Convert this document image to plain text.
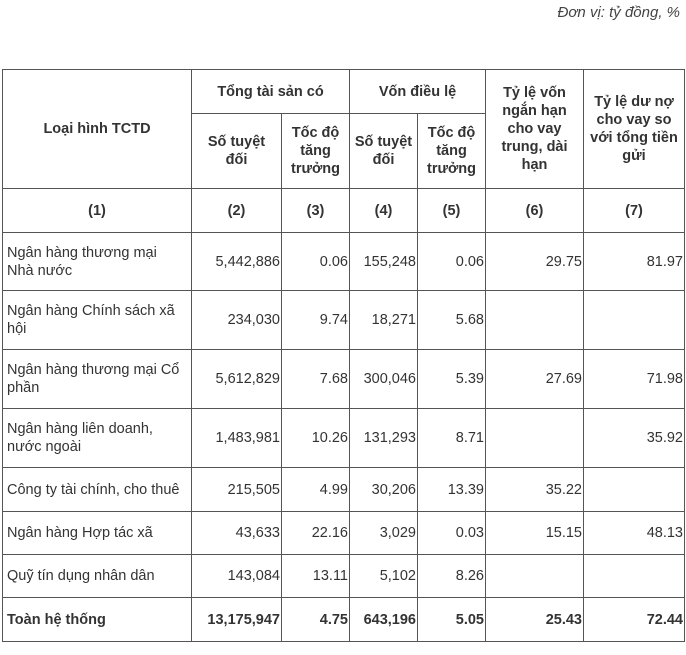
Đơn vị: tỷ đồng, %
Loại hình TCTD	Tổng tài sản có		Vốn điều lệ		Tỷ lệ vốn ngắn hạn cho vay trung, dài hạn	Tỷ lệ dư nợ cho vay so với tổng tiền gửi
	Số tuyệt đối	Tốc độ tăng trưởng	Số tuyệt đối	Tốc độ tăng trưởng		
(1)	(2)	(3)	(4)	(5)	(6)	(7)
Ngân hàng thương mại Nhà nước	5,442,886	0.06	155,248	0.06	29.75	81.97
Ngân hàng Chính sách xã hội	234,030	9.74	18,271	5.68		
Ngân hàng thương mại Cổ phần	5,612,829	7.68	300,046	5.39	27.69	71.98
Ngân hàng liên doanh, nước ngoài	1,483,981	10.26	131,293	8.71		35.92
Công ty tài chính, cho thuê	215,505	4.99	30,206	13.39	35.22	
Ngân hàng Hợp tác xã	43,633	22.16	3,029	0.03	15.15	48.13
Quỹ tín dụng nhân dân	143,084	13.11	5,102	8.26		
Toàn hệ thống	13,175,947	4.75	643,196	5.05	25.43	72.44
